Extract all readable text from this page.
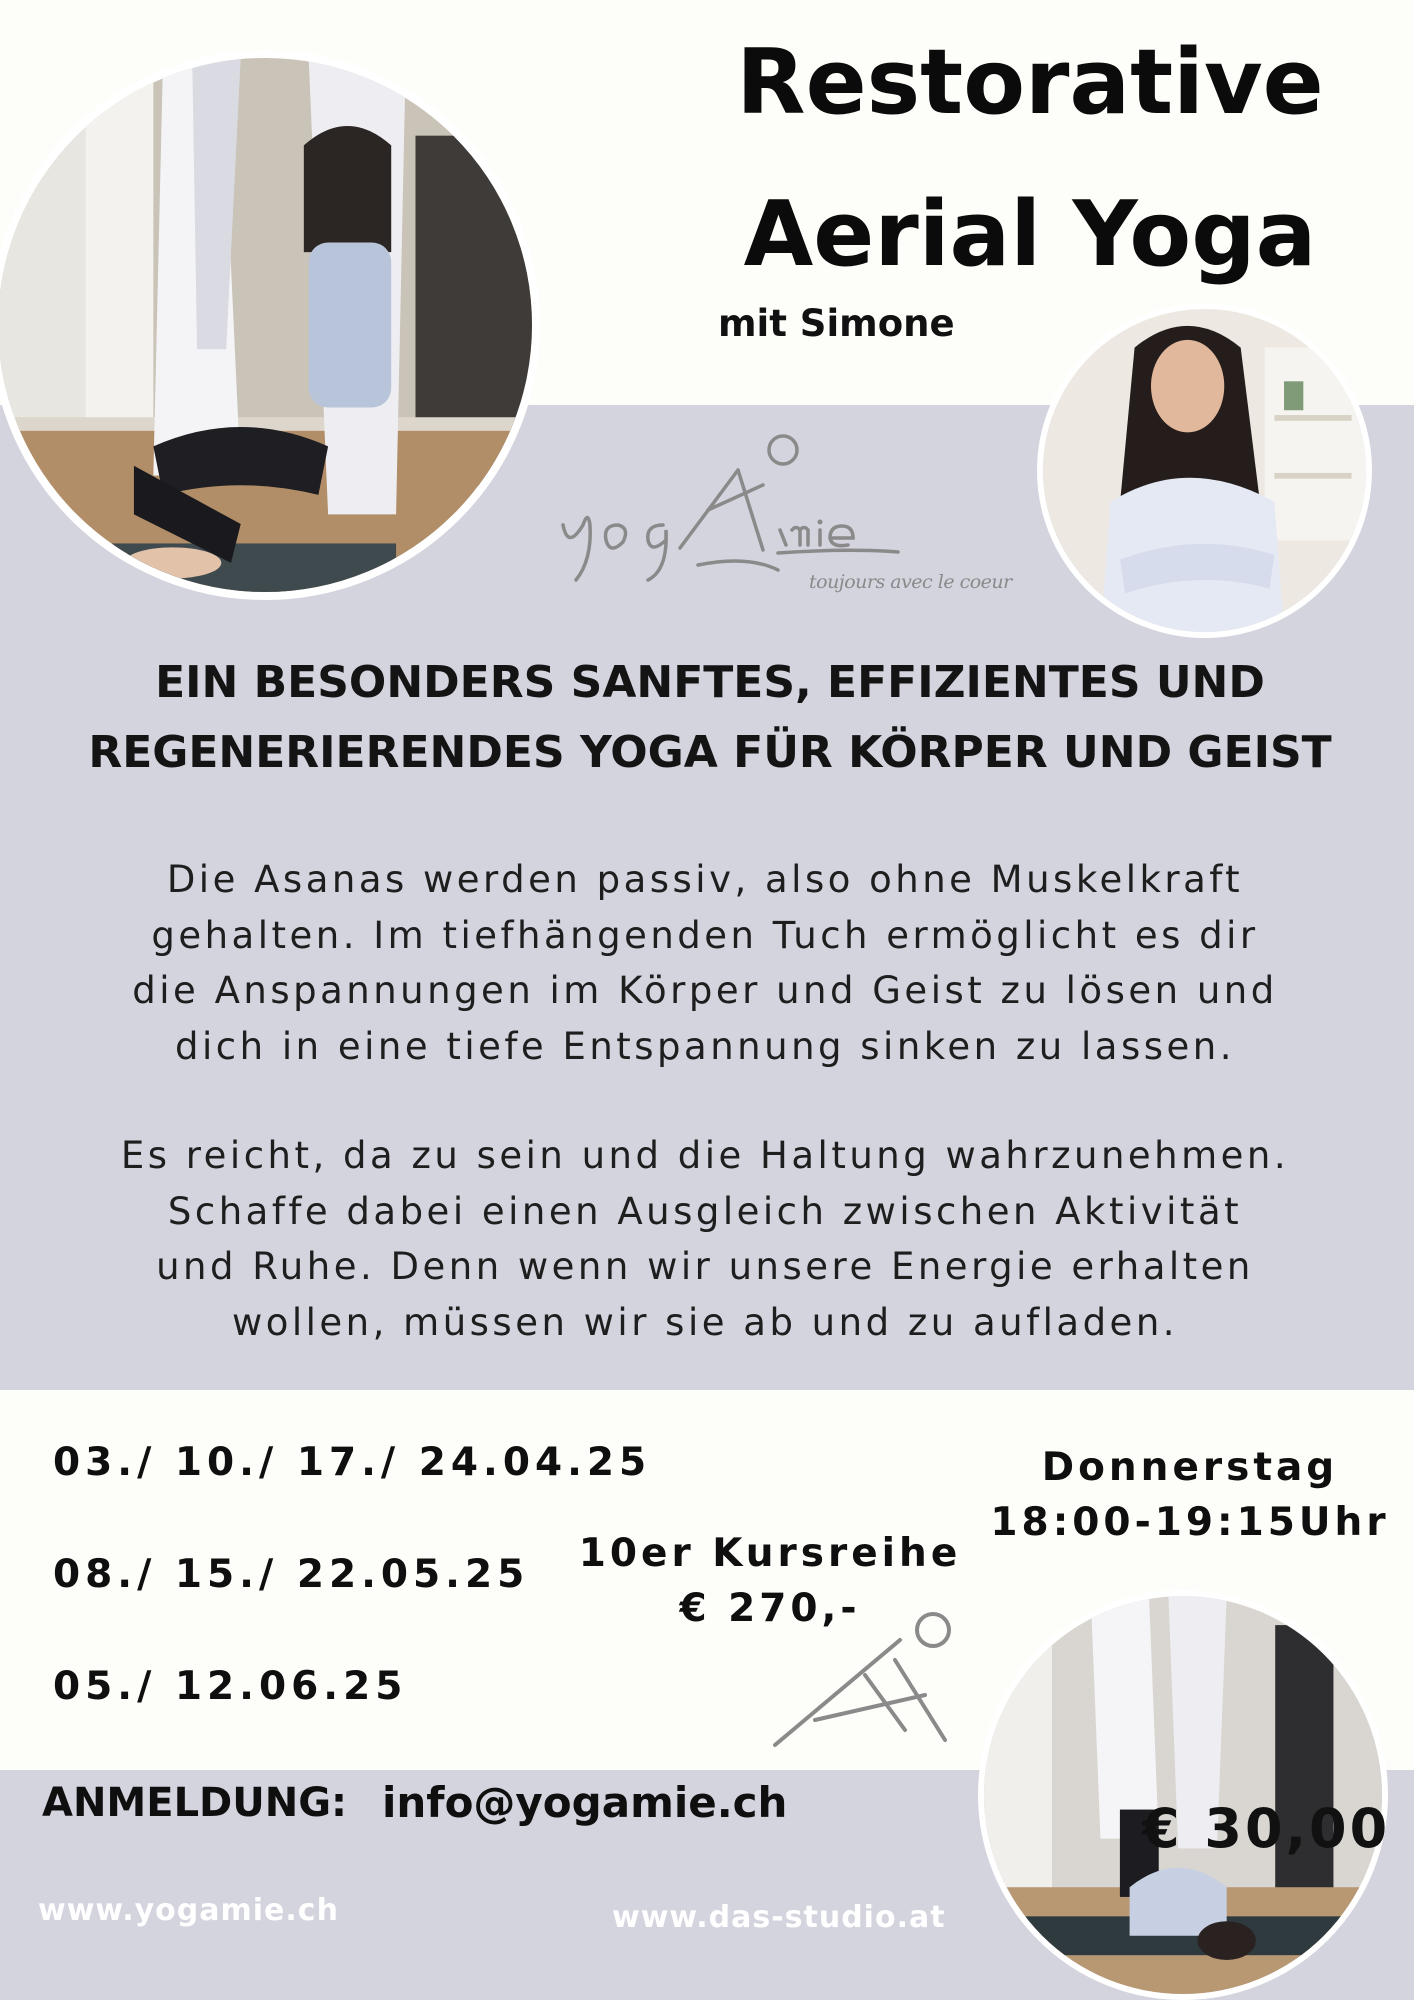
Restorative
Aerial Yoga
mit Simone
toujours avec le coeur
EIN BESONDERS SANFTES, EFFIZIENTES UND
REGENERIERENDES YOGA FÜR KÖRPER UND GEIST
Die Asanas werden passiv, also ohne Muskelkraft
gehalten. Im tiefhängenden Tuch ermöglicht es dir
die Anspannungen im Körper und Geist zu lösen und
dich in eine tiefe Entspannung sinken zu lassen.
Es reicht, da zu sein und die Haltung wahrzunehmen.
Schaffe dabei einen Ausgleich zwischen Aktivität
und Ruhe. Denn wenn wir unsere Energie erhalten
wollen, müssen wir sie ab und zu aufladen.
03./ 10./ 17./ 24.04.25
08./ 15./ 22.05.25
05./ 12.06.25
10er Kursreihe
€ 270,-
Donnerstag
18:00-19:15Uhr
€ 30,00
ANMELDUNG: info@yogamie.ch
www.yogamie.ch	www.das-studio.at
